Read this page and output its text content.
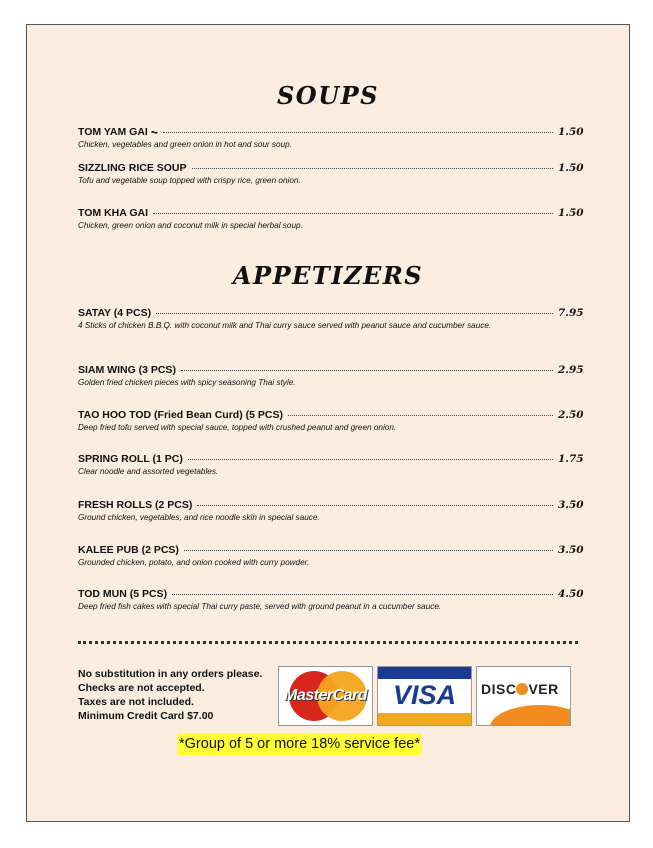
SOUPS
TOM YAM GAI ⏦	1.50
Chicken, vegetables and green onion in hot and sour soup.
SIZZLING RICE SOUP	1.50
Tofu and vegetable soup topped with crispy rice, green onion.
TOM KHA GAI	1.50
Chicken, green onion and coconut milk in special herbal soup.
APPETIZERS
SATAY (4 PCS)	7.95
4 Sticks of chicken B.B.Q. with coconut milk and Thai curry sauce served with peanut sauce and cucumber sauce.
SIAM WING (3 PCS)	2.95
Golden fried chicken pieces with spicy seasoning Thai style.
TAO HOO TOD (Fried Bean Curd) (5 PCS)	2.50
Deep fried tofu served with special sauce, topped with crushed peanut and green onion.
SPRING ROLL (1 PC)	1.75
Clear noodle and assorted vegetables.
FRESH ROLLS (2 PCS)	3.50
Ground chicken, vegetables, and rice noodle skin in special sauce.
KALEE PUB (2 PCS)	3.50
Grounded chicken, potato, and onion cooked with curry powder.
TOD MUN (5 PCS)	4.50
Deep fried fish cakes with special Thai curry paste, served with ground peanut in a cucumber sauce.
No substitution in any orders please.
Checks are not accepted.
Taxes are not included.
Minimum Credit Card $7.00
MasterCard VISA	DISC VER
*Group of 5 or more 18% service fee*
